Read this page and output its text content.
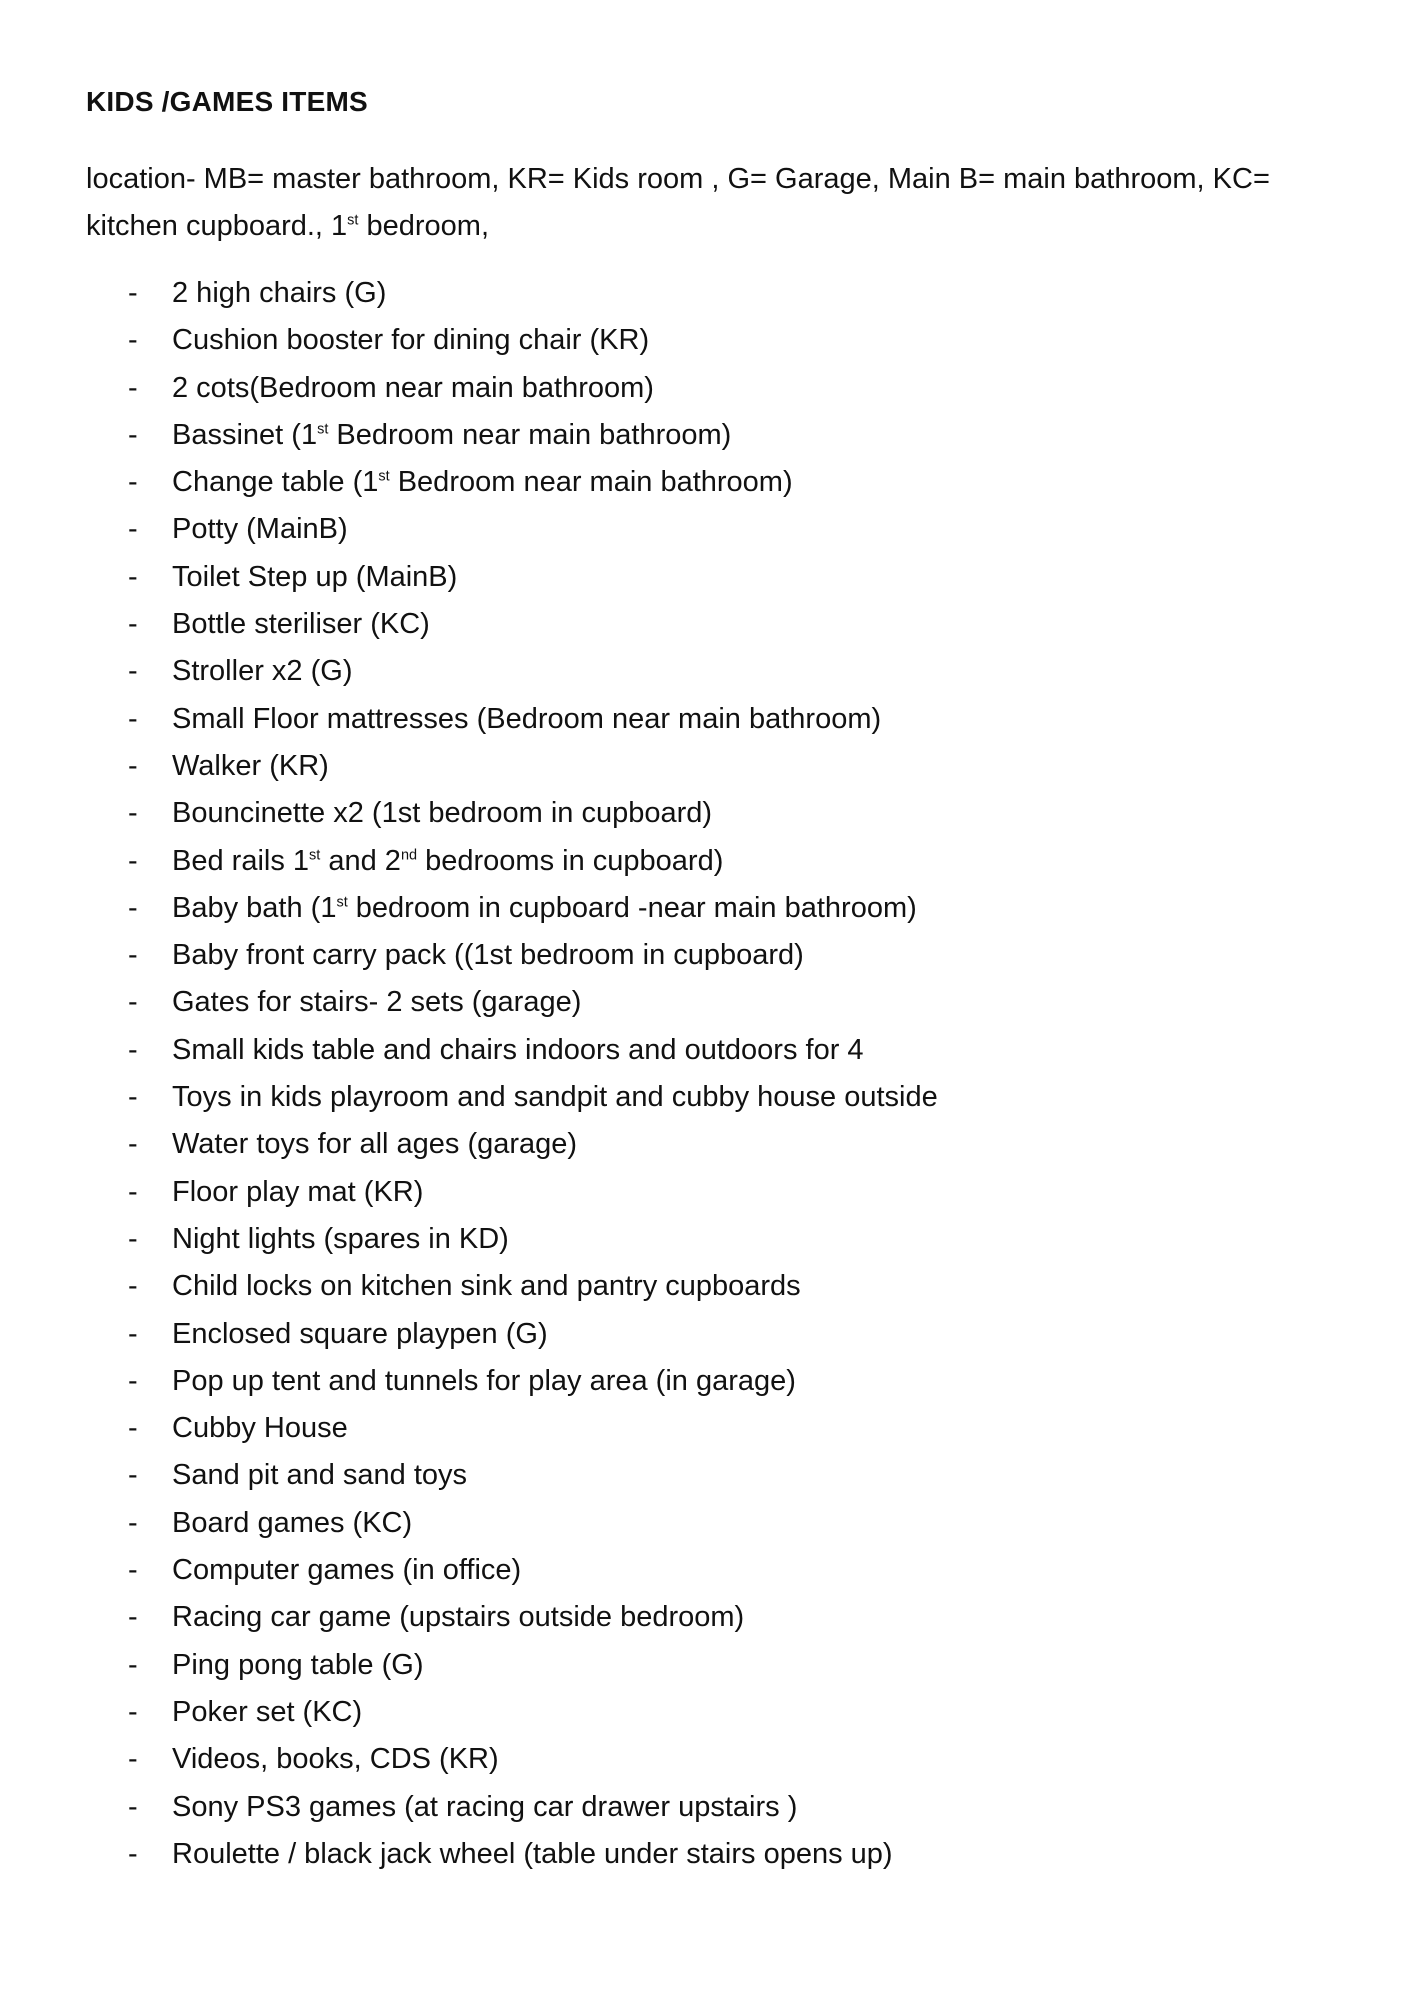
KIDS /GAMES ITEMS

location- MB= master bathroom, KR= Kids room , G= Garage, Main B= main bathroom, KC=
kitchen cupboard., 1st bedroom,

- 2 high chairs (G)
- Cushion booster for dining chair (KR)
- 2 cots(Bedroom near main bathroom)
- Bassinet (1st Bedroom near main bathroom)
- Change table (1st Bedroom near main bathroom)
- Potty (MainB)
- Toilet Step up (MainB)
- Bottle steriliser (KC)
- Stroller x2 (G)
- Small Floor mattresses (Bedroom near main bathroom)
- Walker (KR)
- Bouncinette x2 (1st bedroom in cupboard)
- Bed rails 1st and 2nd bedrooms in cupboard)
- Baby bath (1st bedroom in cupboard -near main bathroom)
- Baby front carry pack ((1st bedroom in cupboard)
- Gates for stairs- 2 sets (garage)
- Small kids table and chairs indoors and outdoors for 4
- Toys in kids playroom and sandpit and cubby house outside
- Water toys for all ages (garage)
- Floor play mat (KR)
- Night lights (spares in KD)
- Child locks on kitchen sink and pantry cupboards
- Enclosed square playpen (G)
- Pop up tent and tunnels for play area (in garage)
- Cubby House
- Sand pit and sand toys
- Board games (KC)
- Computer games (in office)
- Racing car game (upstairs outside bedroom)
- Ping pong table (G)
- Poker set (KC)
- Videos, books, CDS (KR)
- Sony PS3 games (at racing car drawer upstairs )
- Roulette / black jack wheel (table under stairs opens up)
